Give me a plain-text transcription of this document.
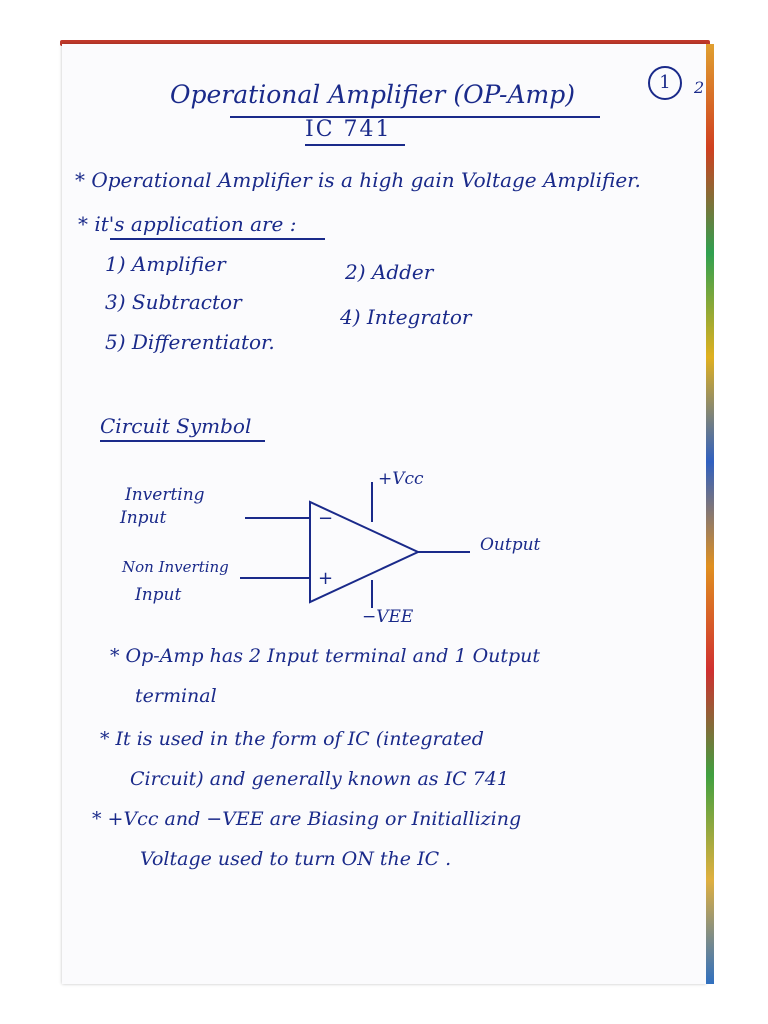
Operational Amplifier (OP-Amp)
IC 741
1	2
* Operational Amplifier is a high gain Voltage Amplifier.
* it's application are :
1) Amplifier	2) Adder
3) Subtractor
4) Integrator
5) Differentiator.
Circuit Symbol
Inverting
Input
Non Inverting
Input
−
+
+Vcc
−VEE
Output
* Op-Amp has 2 Input terminal and 1 Output
terminal
* It is used in the form of IC (integrated
Circuit) and generally known as IC 741
* +Vcc and −VEE are Biasing or Initiallizing
Voltage used to turn ON the IC .
